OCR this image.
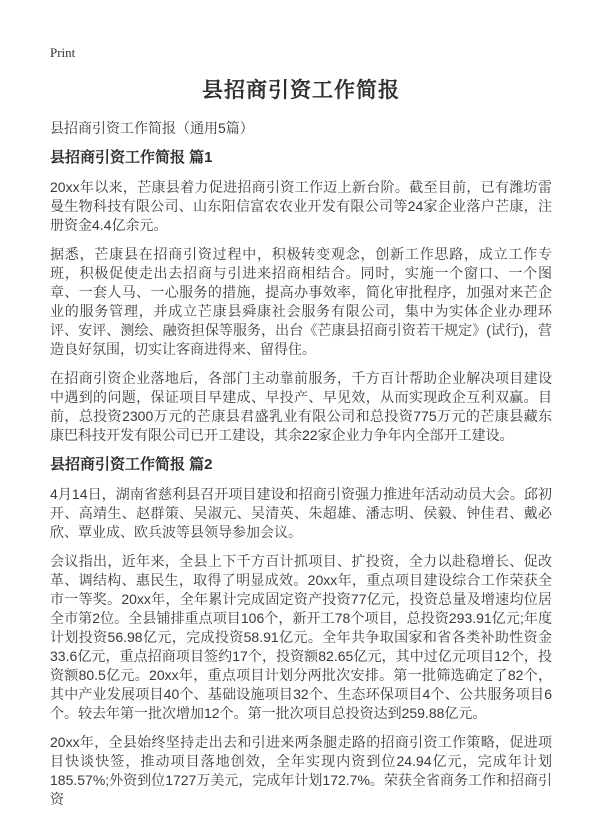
Print
县招商引资工作简报

县招商引资工作简报（通用5篇）

县招商引资工作简报 篇1

20xx年以来，芒康县着力促进招商引资工作迈上新台阶。截至目前，已有潍坊雷曼生物科技有限公司、山东阳信富农农业开发有限公司等24家企业落户芒康，注册资金4.4亿余元。

据悉，芒康县在招商引资过程中，积极转变观念，创新工作思路，成立工作专班，积极促使走出去招商与引进来招商相结合。同时，实施一个窗口、一个图章、一套人马、一心服务的措施，提高办事效率，简化审批程序，加强对来芒企业的服务管理，并成立芒康县舜康社会服务有限公司，集中为实体企业办理环评、安评、测绘、融资担保等服务，出台《芒康县招商引资若干规定》(试行)，营造良好氛围，切实让客商进得来、留得住。

在招商引资企业落地后，各部门主动靠前服务，千方百计帮助企业解决项目建设中遇到的问题，保证项目早建成、早投产、早见效，从而实现政企互利双赢。目前，总投资2300万元的芒康县君盛乳业有限公司和总投资775万元的芒康县藏东康巴科技开发有限公司已开工建设，其余22家企业力争年内全部开工建设。

县招商引资工作简报 篇2

4月14日，湖南省慈利县召开项目建设和招商引资强力推进年活动动员大会。邱初开、高靖生、赵群策、吴淑元、吴清英、朱超雄、潘志明、侯毅、钟佳君、戴必欣、覃业成、欧兵波等县领导参加会议。

会议指出，近年来，全县上下千方百计抓项目、扩投资，全力以赴稳增长、促改革、调结构、惠民生，取得了明显成效。20xx年，重点项目建设综合工作荣获全市一等奖。20xx年，全年累计完成固定资产投资77亿元，投资总量及增速均位居全市第2位。全县铺排重点项目106个，新开工78个项目，总投资293.91亿元;年度计划投资56.98亿元，完成投资58.91亿元。全年共争取国家和省各类补助性资金33.6亿元，重点招商项目签约17个，投资额82.65亿元，其中过亿元项目12个，投资额80.5亿元。20xx年，重点项目计划分两批次安排。第一批筛选确定了82个，其中产业发展项目40个、基础设施项目32个、生态环保项目4个、公共服务项目6个。较去年第一批次增加12个。第一批次项目总投资达到259.88亿元。

20xx年，全县始终坚持走出去和引进来两条腿走路的招商引资工作策略，促进项目快谈快签，推动项目落地创效，全年实现内资到位24.94亿元，完成年计划185.57%;外资到位1727万美元，完成年计划172.7%。荣获全省商务工作和招商引资
